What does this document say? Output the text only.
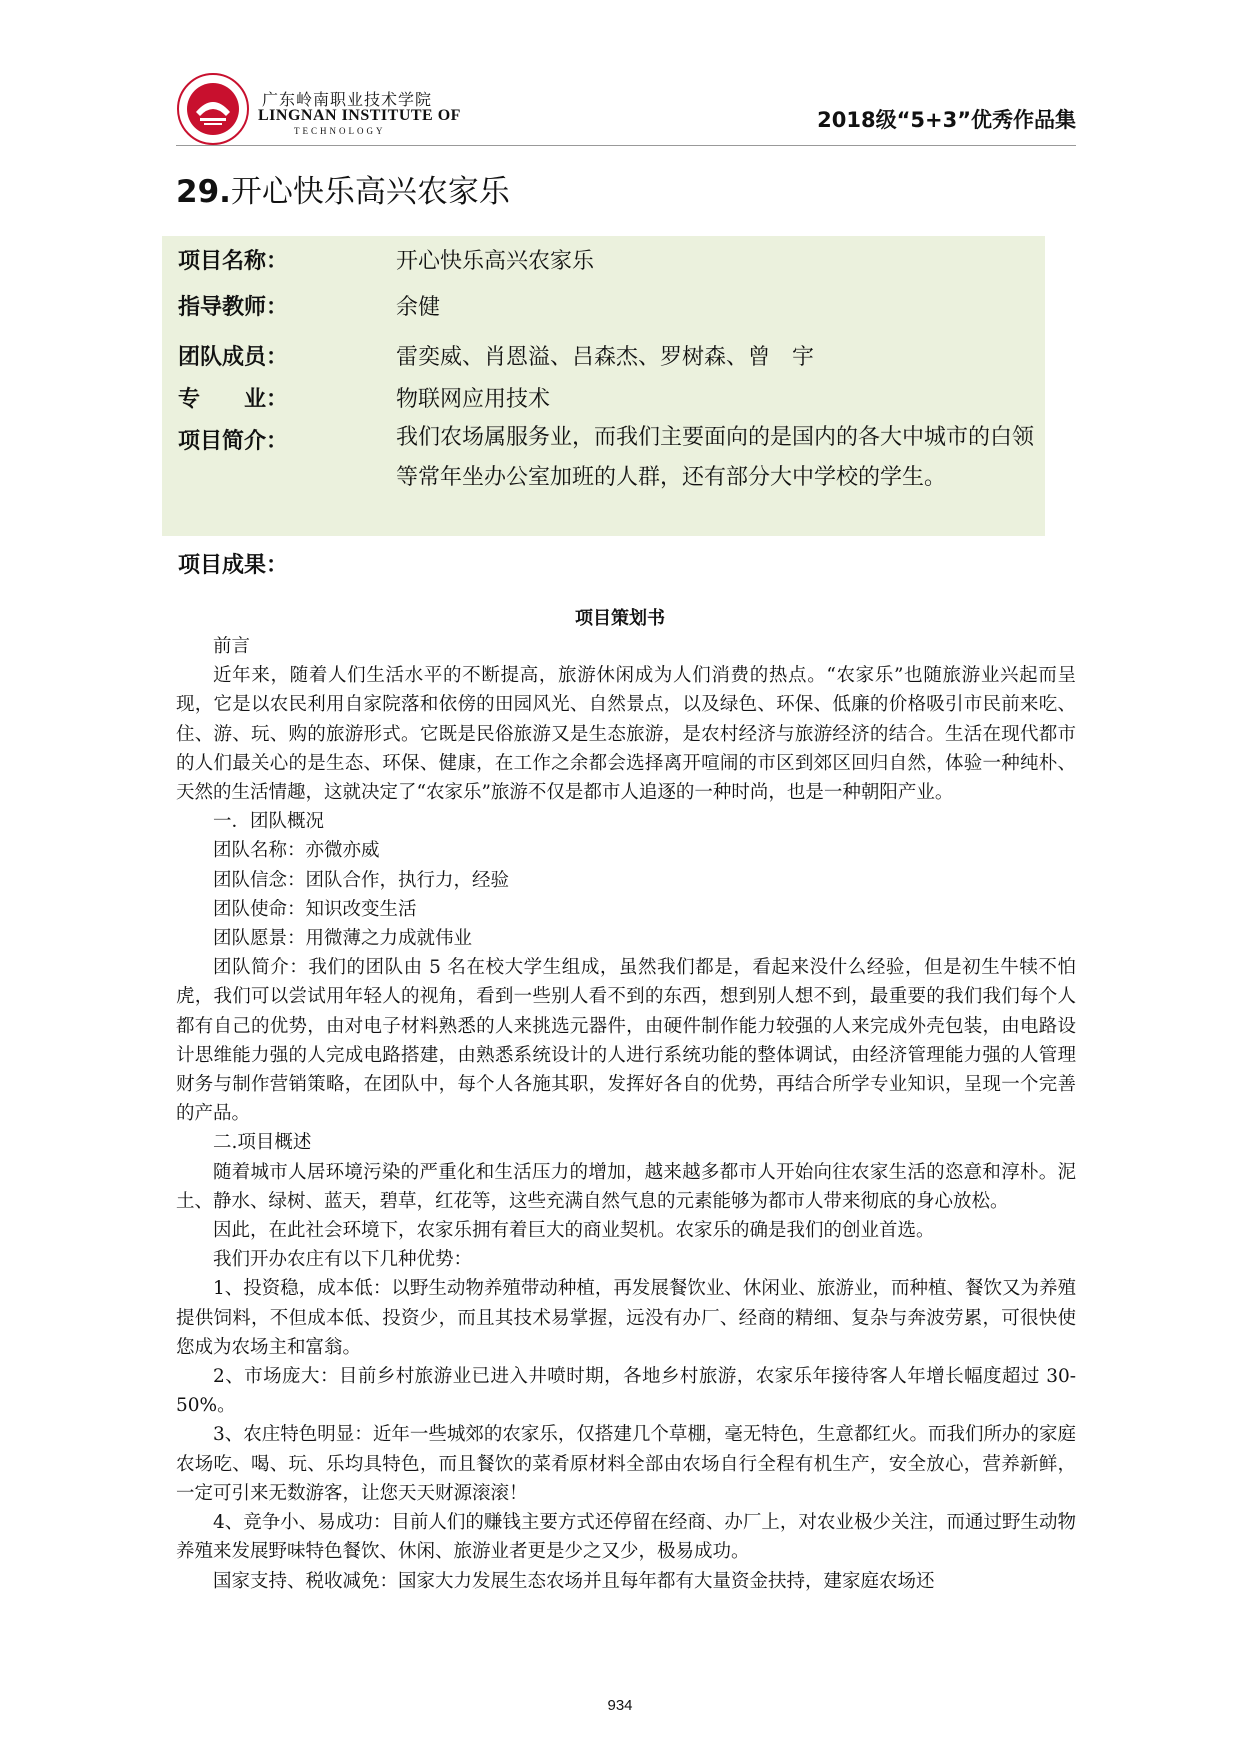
广东岭南职业技术学院
LINGNAN INSTITUTE OF
TECHNOLOGY	2018级“5+3”优秀作品集
29.开心快乐高兴农家乐
项目名称：	开心快乐高兴农家乐
指导教师：	余健
团队成员：	雷奕威、肖恩溢、吕森杰、罗树森、曾　宇
专　　业：	物联网应用技术
项目简介：	我们农场属服务业，而我们主要面向的是国内的各大中城市的白领等常年坐办公室加班的人群，还有部分大中学校的学生。
项目成果：
项目策划书

前言

近年来，随着人们生活水平的不断提高，旅游休闲成为人们消费的热点。“农家乐”也随旅游业兴起而呈现，它是以农民利用自家院落和依傍的田园风光、自然景点，以及绿色、环保、低廉的价格吸引市民前来吃、住、游、玩、购的旅游形式。它既是民俗旅游又是生态旅游，是农村经济与旅游经济的结合。生活在现代都市的人们最关心的是生态、环保、健康，在工作之余都会选择离开喧闹的市区到郊区回归自然，体验一种纯朴、天然的生活情趣，这就决定了“农家乐”旅游不仅是都市人追逐的一种时尚，也是一种朝阳产业。

一．团队概况

团队名称：亦微亦威

团队信念：团队合作，执行力，经验

团队使命：知识改变生活

团队愿景：用微薄之力成就伟业

团队简介：我们的团队由 5 名在校大学生组成，虽然我们都是，看起来没什么经验，但是初生牛犊不怕虎，我们可以尝试用年轻人的视角，看到一些别人看不到的东西，想到别人想不到，最重要的我们我们每个人都有自己的优势，由对电子材料熟悉的人来挑选元器件，由硬件制作能力较强的人来完成外壳包装，由电路设计思维能力强的人完成电路搭建，由熟悉系统设计的人进行系统功能的整体调试，由经济管理能力强的人管理财务与制作营销策略，在团队中，每个人各施其职，发挥好各自的优势，再结合所学专业知识，呈现一个完善的产品。

二.项目概述

随着城市人居环境污染的严重化和生活压力的增加，越来越多都市人开始向往农家生活的恣意和淳朴。泥土、静水、绿树、蓝天，碧草，红花等，这些充满自然气息的元素能够为都市人带来彻底的身心放松。

因此，在此社会环境下，农家乐拥有着巨大的商业契机。农家乐的确是我们的创业首选。

我们开办农庄有以下几种优势：

1、投资稳，成本低：以野生动物养殖带动种植，再发展餐饮业、休闲业、旅游业，而种植、餐饮又为养殖提供饲料，不但成本低、投资少，而且其技术易掌握，远没有办厂、经商的精细、复杂与奔波劳累，可很快使您成为农场主和富翁。

2、市场庞大：目前乡村旅游业已进入井喷时期，各地乡村旅游，农家乐年接待客人年增长幅度超过 30-50%。

3、农庄特色明显：近年一些城郊的农家乐，仅搭建几个草棚，毫无特色，生意都红火。而我们所办的家庭农场吃、喝、玩、乐均具特色，而且餐饮的菜肴原材料全部由农场自行全程有机生产，安全放心，营养新鲜，一定可引来无数游客，让您天天财源滚滚！

4、竞争小、易成功：目前人们的赚钱主要方式还停留在经商、办厂上，对农业极少关注，而通过野生动物养殖来发展野味特色餐饮、休闲、旅游业者更是少之又少，极易成功。

国家支持、税收减免：国家大力发展生态农场并且每年都有大量资金扶持，建家庭农场还

934
